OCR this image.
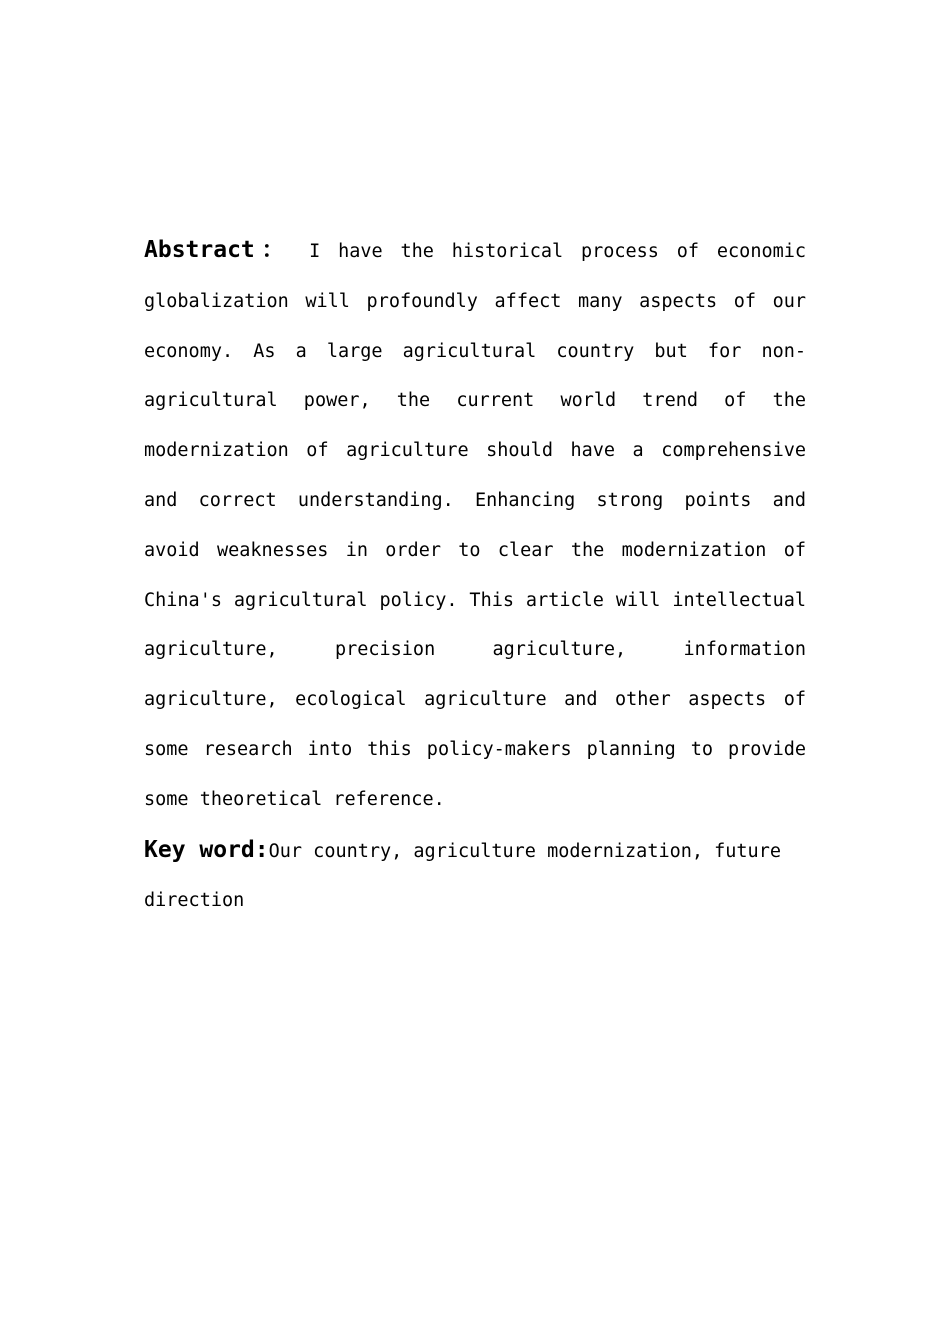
Abstract： I have the historical process of economic globalization will profoundly affect many aspects of our economy. As a large agricultural country but for non-agricultural power, the current world trend of the modernization of agriculture should have a comprehensive and correct understanding. Enhancing strong points and avoid weaknesses in order to clear the modernization of China's agricultural policy. This article will intellectual agriculture, precision agriculture, information agriculture, ecological agriculture and other aspects of some research into this policy-makers planning to provide some theoretical reference.

Key word:Our country, agriculture modernization, future direction
